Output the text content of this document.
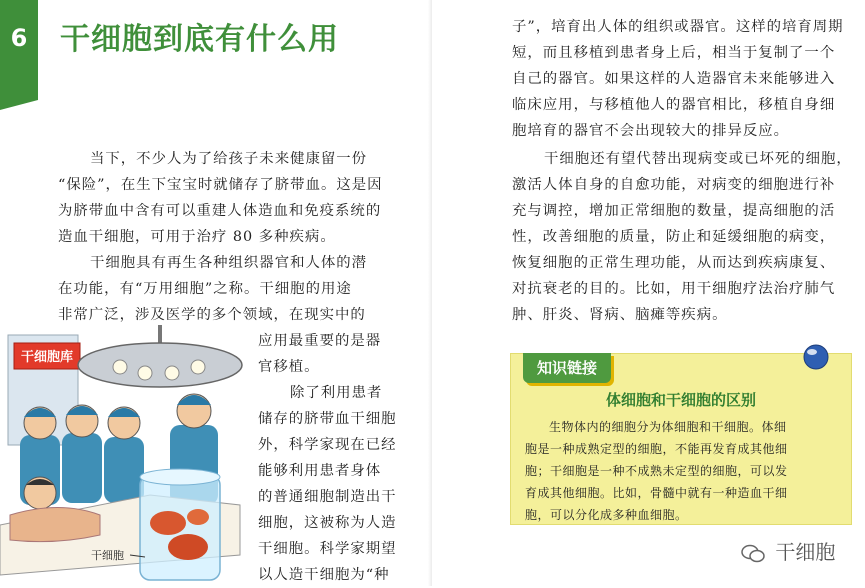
6	干细胞到底有什么用
当下，不少人为了给孩子未来健康留一份
“保险”，在生下宝宝时就储存了脐带血。这是因
为脐带血中含有可以重建人体造血和免疫系统的
造血干细胞，可用于治疗 80 多种疾病。
干细胞具有再生各种组织器官和人体的潜
在功能，有“万用细胞”之称。干细胞的用途
非常广泛，涉及医学的多个领域，在现实中的
应用最重要的是器
官移植。
除了利用患者
储存的脐带血干细胞
外，科学家现在已经
能够利用患者身体
的普通细胞制造出干
细胞，这被称为人造
干细胞。科学家期望
以人造干细胞为“种
干细胞库
干细胞
子”，培育出人体的组织或器官。这样的培育周期
短，而且移植到患者身上后，相当于复制了一个
自己的器官。如果这样的人造器官未来能够进入
临床应用，与移植他人的器官相比，移植自身细
胞培育的器官不会出现较大的排异反应。
干细胞还有望代替出现病变或已坏死的细胞，
激活人体自身的自愈功能，对病变的细胞进行补
充与调控，增加正常细胞的数量，提高细胞的活
性，改善细胞的质量，防止和延缓细胞的病变，
恢复细胞的正常生理功能，从而达到疾病康复、
对抗衰老的目的。比如，用干细胞疗法治疗肺气
肿、肝炎、肾病、脑瘫等疾病。
知识链接
体细胞和干细胞的区别
生物体内的细胞分为体细胞和干细胞。体细
胞是一种成熟定型的细胞，不能再发育成其他细
胞；干细胞是一种不成熟未定型的细胞，可以发
育成其他细胞。比如，骨髓中就有一种造血干细
胞，可以分化成多种血细胞。
干细胞
